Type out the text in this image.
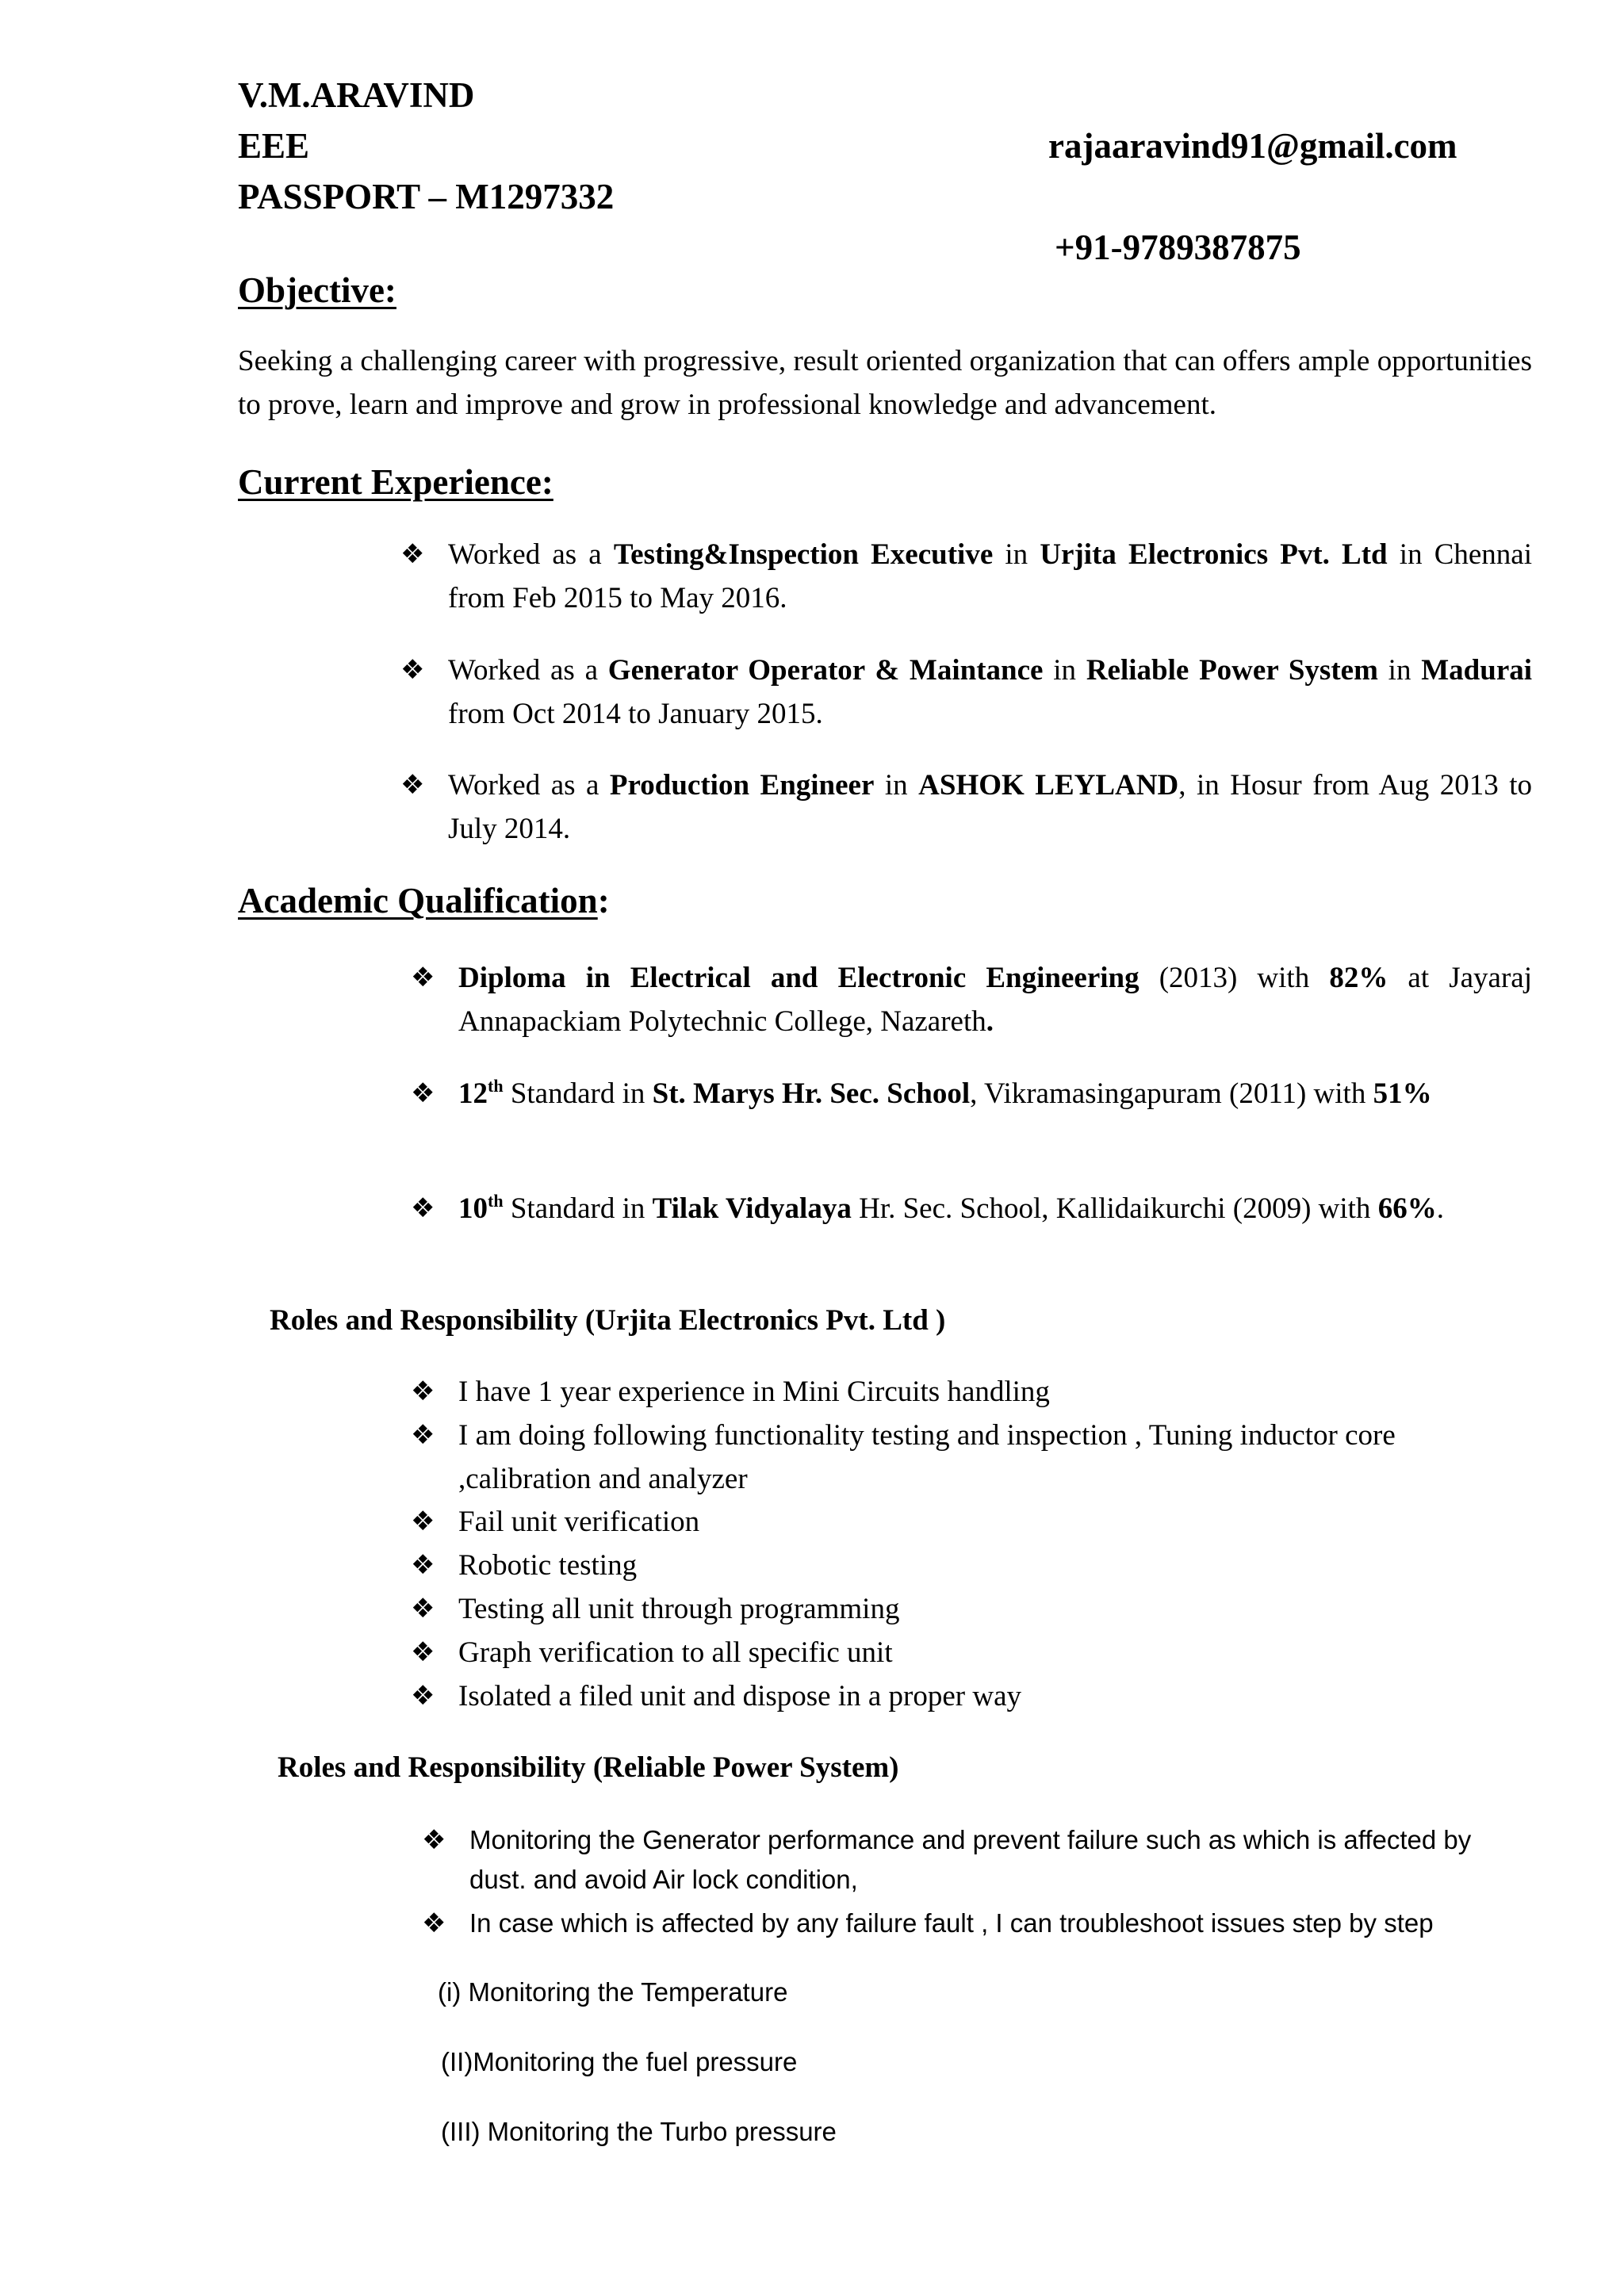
V.M.ARAVIND
EEE	rajaaravind91@gmail.com
PASSPORT – M1297332
+91-9789387875
Objective:
Seeking a challenging career with progressive, result oriented organization that can offers ample opportunities to prove, learn and improve and grow in professional knowledge and advancement.
Current Experience:
❖ Worked as a Testing&Inspection Executive in Urjita Electronics Pvt. Ltd in Chennai from Feb 2015 to May 2016.
❖ Worked as a Generator Operator & Maintance in Reliable Power System in Madurai from Oct 2014 to January 2015.
❖ Worked as a Production Engineer in ASHOK LEYLAND, in Hosur from Aug 2013 to July 2014.
Academic Qualification:
❖ Diploma in Electrical and Electronic Engineering (2013) with 82% at Jayaraj Annapackiam Polytechnic College, Nazareth.
❖ 12th Standard in St. Marys Hr. Sec. School, Vikramasingapuram (2011) with 51%
❖ 10th Standard in Tilak Vidyalaya Hr. Sec. School, Kallidaikurchi (2009) with 66%.
Roles and Responsibility (Urjita Electronics Pvt. Ltd )
❖ I have 1 year experience in Mini Circuits handling
❖ I am doing following functionality testing and inspection , Tuning inductor core ,calibration and analyzer
❖ Fail unit verification
❖ Robotic testing
❖ Testing all unit through programming
❖ Graph verification to all specific unit
❖ Isolated a filed unit and dispose in a proper way
Roles and Responsibility (Reliable Power System)
❖ Monitoring the Generator performance and prevent failure such as which is affected by dust. and avoid Air lock condition,
❖ In case which is affected by any failure fault , I can troubleshoot issues step by step
(i) Monitoring the Temperature
(II)Monitoring the fuel pressure
(III) Monitoring the Turbo pressure
